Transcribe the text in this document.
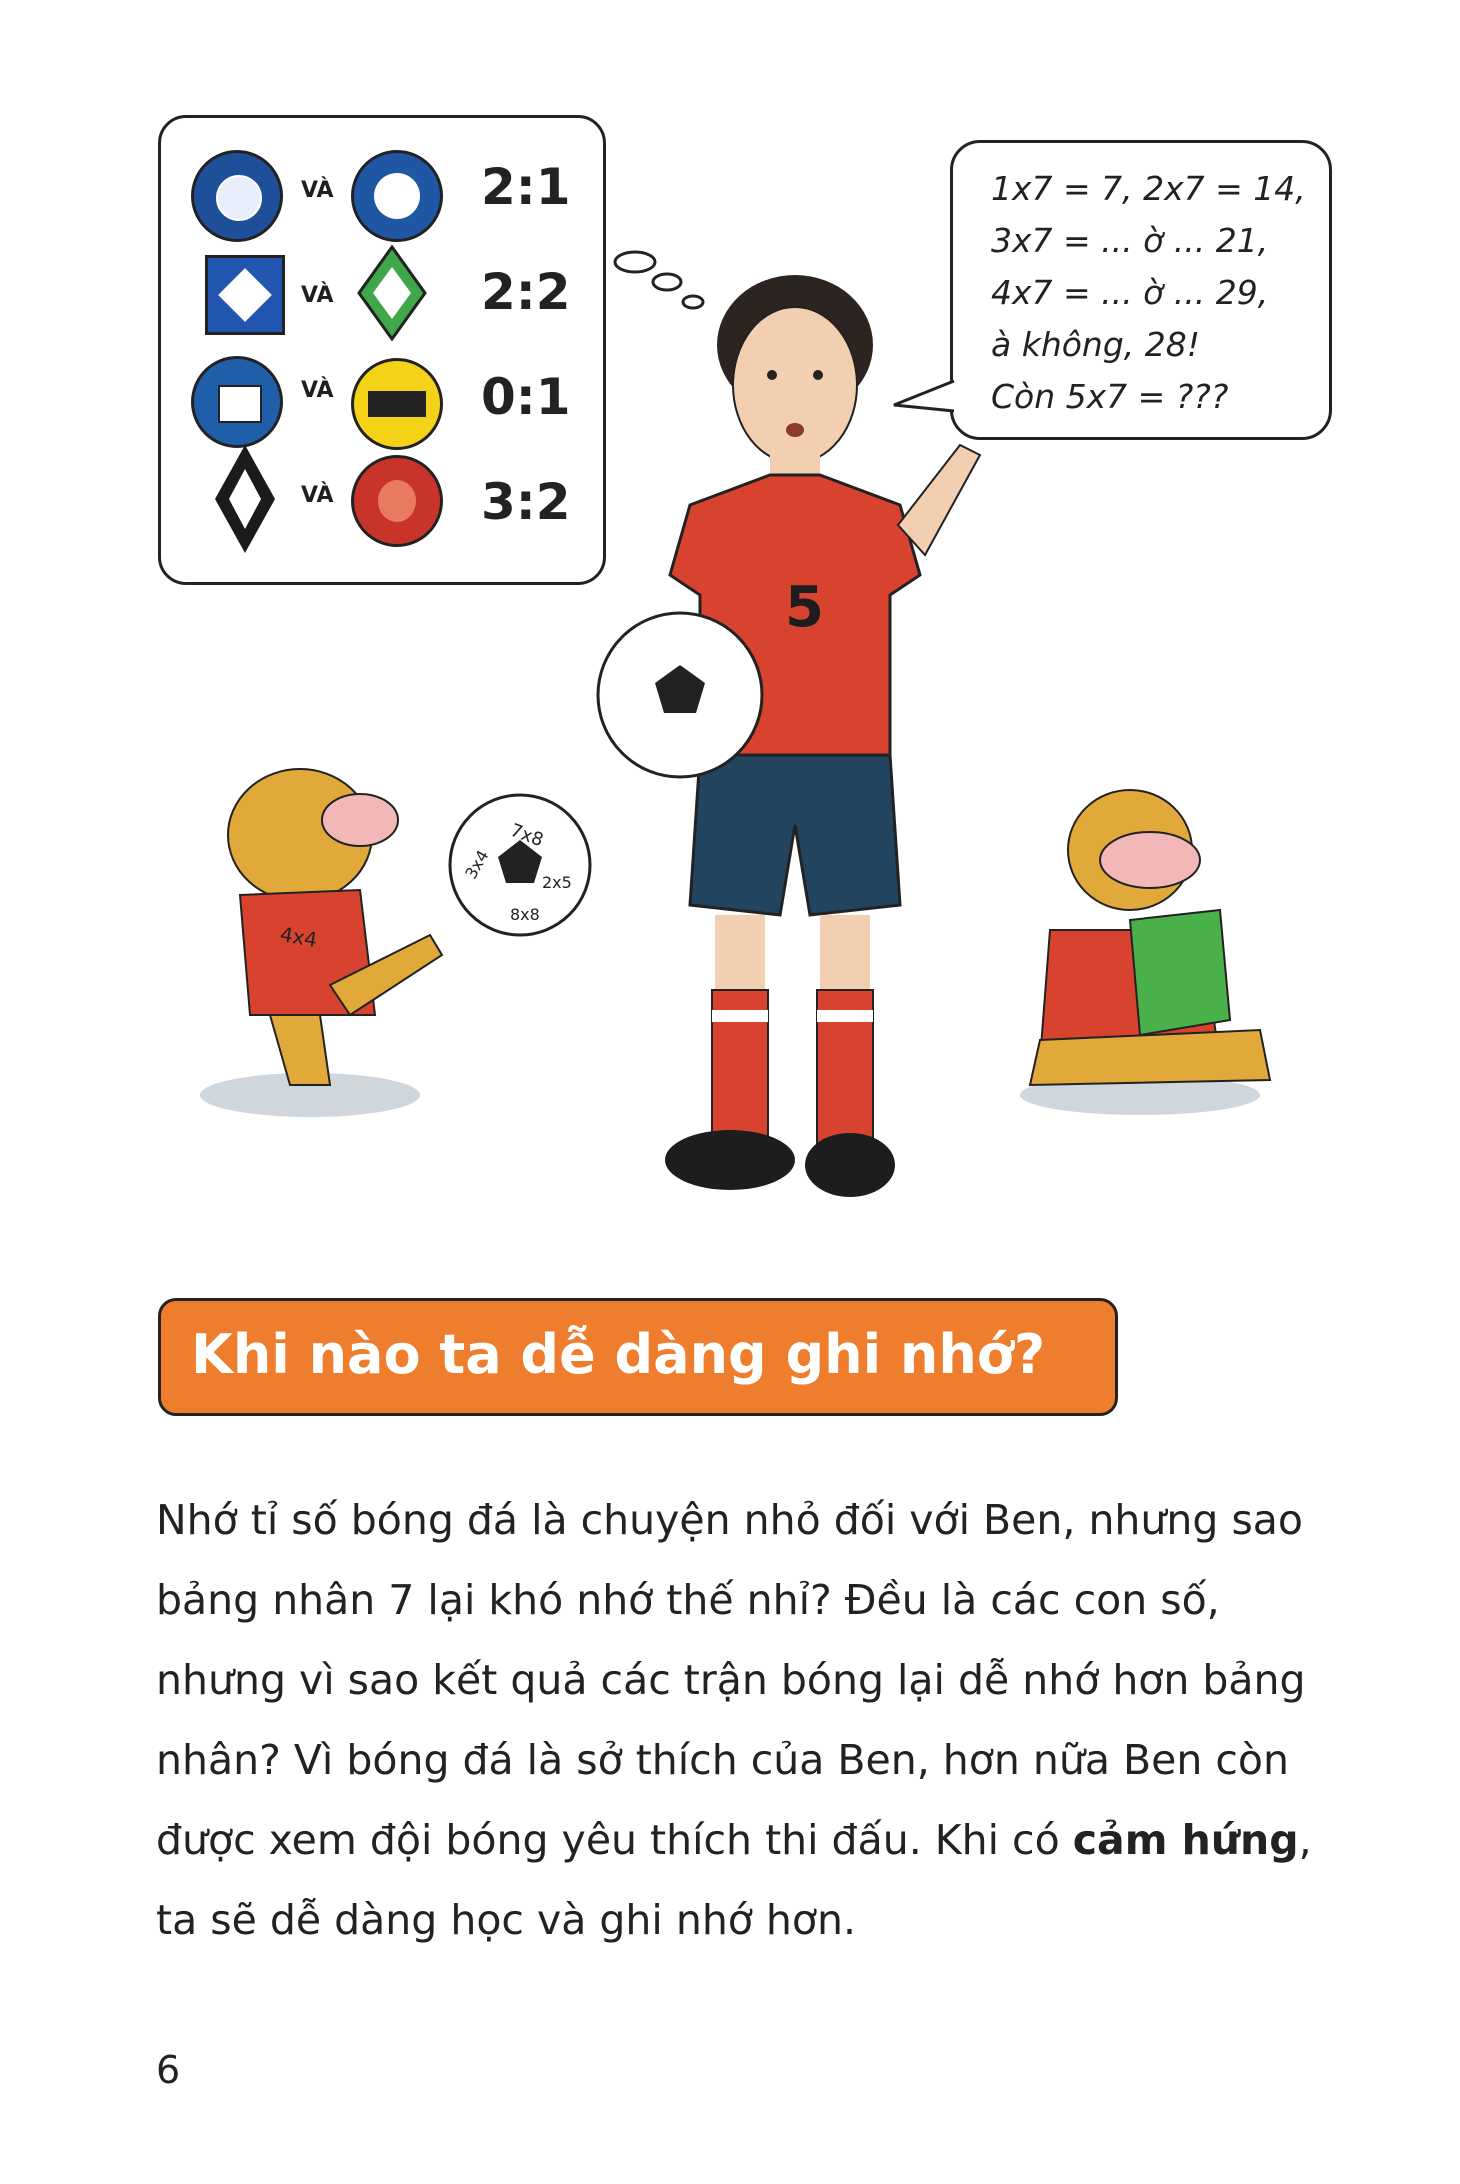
VÀ	2:1
VÀ	2:2
VÀ	0:1
VÀ	3:2
1x7 = 7, 2x7 = 14,
3x7 = ... ờ ... 21,
4x7 = ... ờ ... 29,
à không, 28!
Còn 5x7 = ???
5
7x8
3x4
2x5
8x8
4x4
Khi nào ta dễ dàng ghi nhớ?

Nhớ tỉ số bóng đá là chuyện nhỏ đối với Ben, nhưng sao bảng nhân 7 lại khó nhớ thế nhỉ? Đều là các con số, nhưng vì sao kết quả các trận bóng lại dễ nhớ hơn bảng nhân? Vì bóng đá là sở thích của Ben, hơn nữa Ben còn được xem đội bóng yêu thích thi đấu. Khi có cảm hứng, ta sẽ dễ dàng học và ghi nhớ hơn.

6
